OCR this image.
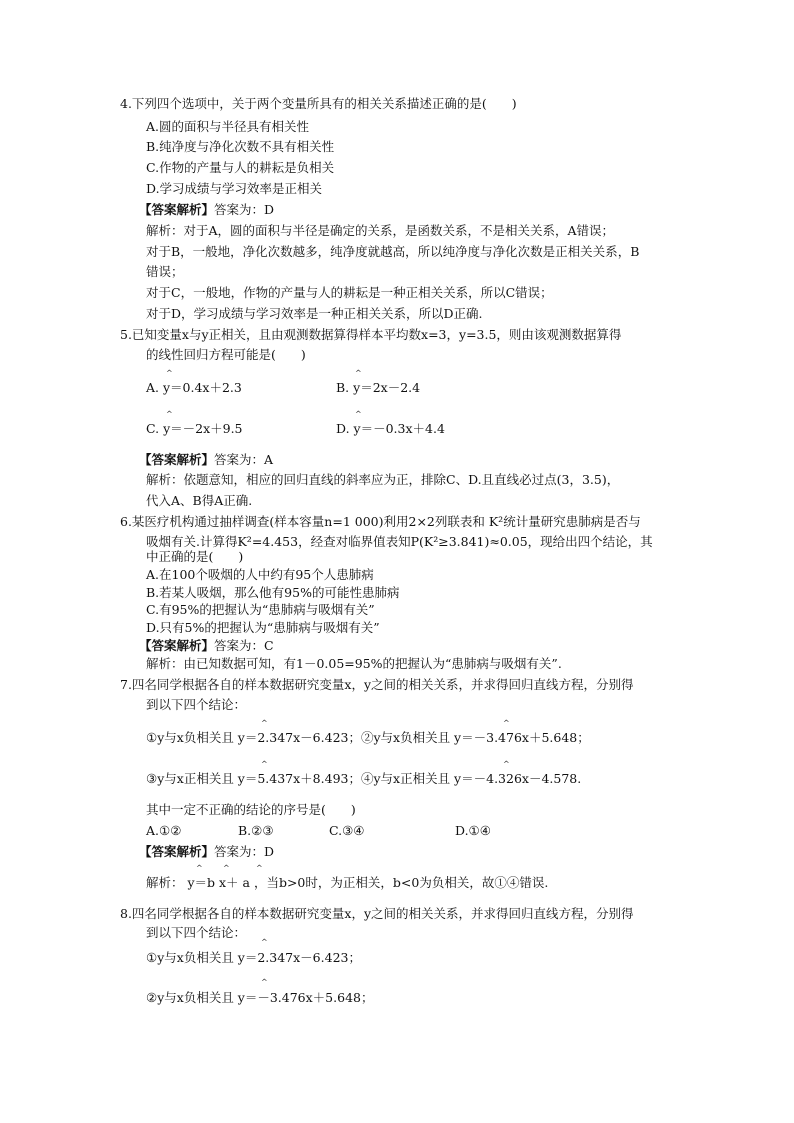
4.下列四个选项中，关于两个变量所具有的相关关系描述正确的是(　　)
A.圆的面积与半径具有相关性
B.纯净度与净化次数不具有相关性
C.作物的产量与人的耕耘是负相关
D.学习成绩与学习效率是正相关
【答案解析】答案为：D
解析：对于A，圆的面积与半径是确定的关系，是函数关系，不是相关关系，A错误；
对于B，一般地，净化次数越多，纯净度就越高，所以纯净度与净化次数是正相关关系，B
错误；
对于C，一般地，作物的产量与人的耕耘是一种正相关关系，所以C错误；
对于D，学习成绩与学习效率是一种正相关关系，所以D正确.
5.已知变量x与y正相关，且由观测数据算得样本平均数x=3，y=3.5，则由该观测数据算得
的线性回归方程可能是(　　)
^
A. y＝0.4x＋2.3
^
B. y＝2x－2.4
^
C. y＝－2x＋9.5
^
D. y＝－0.3x＋4.4
【答案解析】答案为：A
解析：依题意知，相应的回归直线的斜率应为正，排除C、D.且直线必过点(3，3.5)，
代入A、B得A正确.
6.某医疗机构通过抽样调查(样本容量n=1 000)利用2×2列联表和 K²统计量研究患肺病是否与
吸烟有关.计算得K²=4.453，经查对临界值表知P(K²≥3.841)≈0.05，现给出四个结论，其
中正确的是(　　)
A.在100个吸烟的人中约有95个人患肺病
B.若某人吸烟，那么他有95%的可能性患肺病
C.有95%的把握认为“患肺病与吸烟有关”
D.只有5%的把握认为“患肺病与吸烟有关”
【答案解析】答案为：C
解析：由已知数据可知，有1－0.05=95%的把握认为“患肺病与吸烟有关”.
7.四名同学根据各自的样本数据研究变量x，y之间的相关关系，并求得回归直线方程，分别得
到以下四个结论：
^	^
①y与x负相关且 y＝2.347x－6.423；②y与x负相关且 y＝－3.476x＋5.648；
^	^
③y与x正相关且 y＝5.437x＋8.493；④y与x正相关且 y＝－4.326x－4.578.
其中一定不正确的结论的序号是(　　)
A.①②	B.②③	C.③④	D.①④
【答案解析】答案为：D
^	^	^
解析： y＝b x＋ a ，当b>0时，为正相关，b<0为负相关，故①④错误.
8.四名同学根据各自的样本数据研究变量x，y之间的相关关系，并求得回归直线方程，分别得
到以下四个结论：
^
①y与x负相关且 y＝2.347x－6.423；
^
②y与x负相关且 y＝－3.476x＋5.648；
